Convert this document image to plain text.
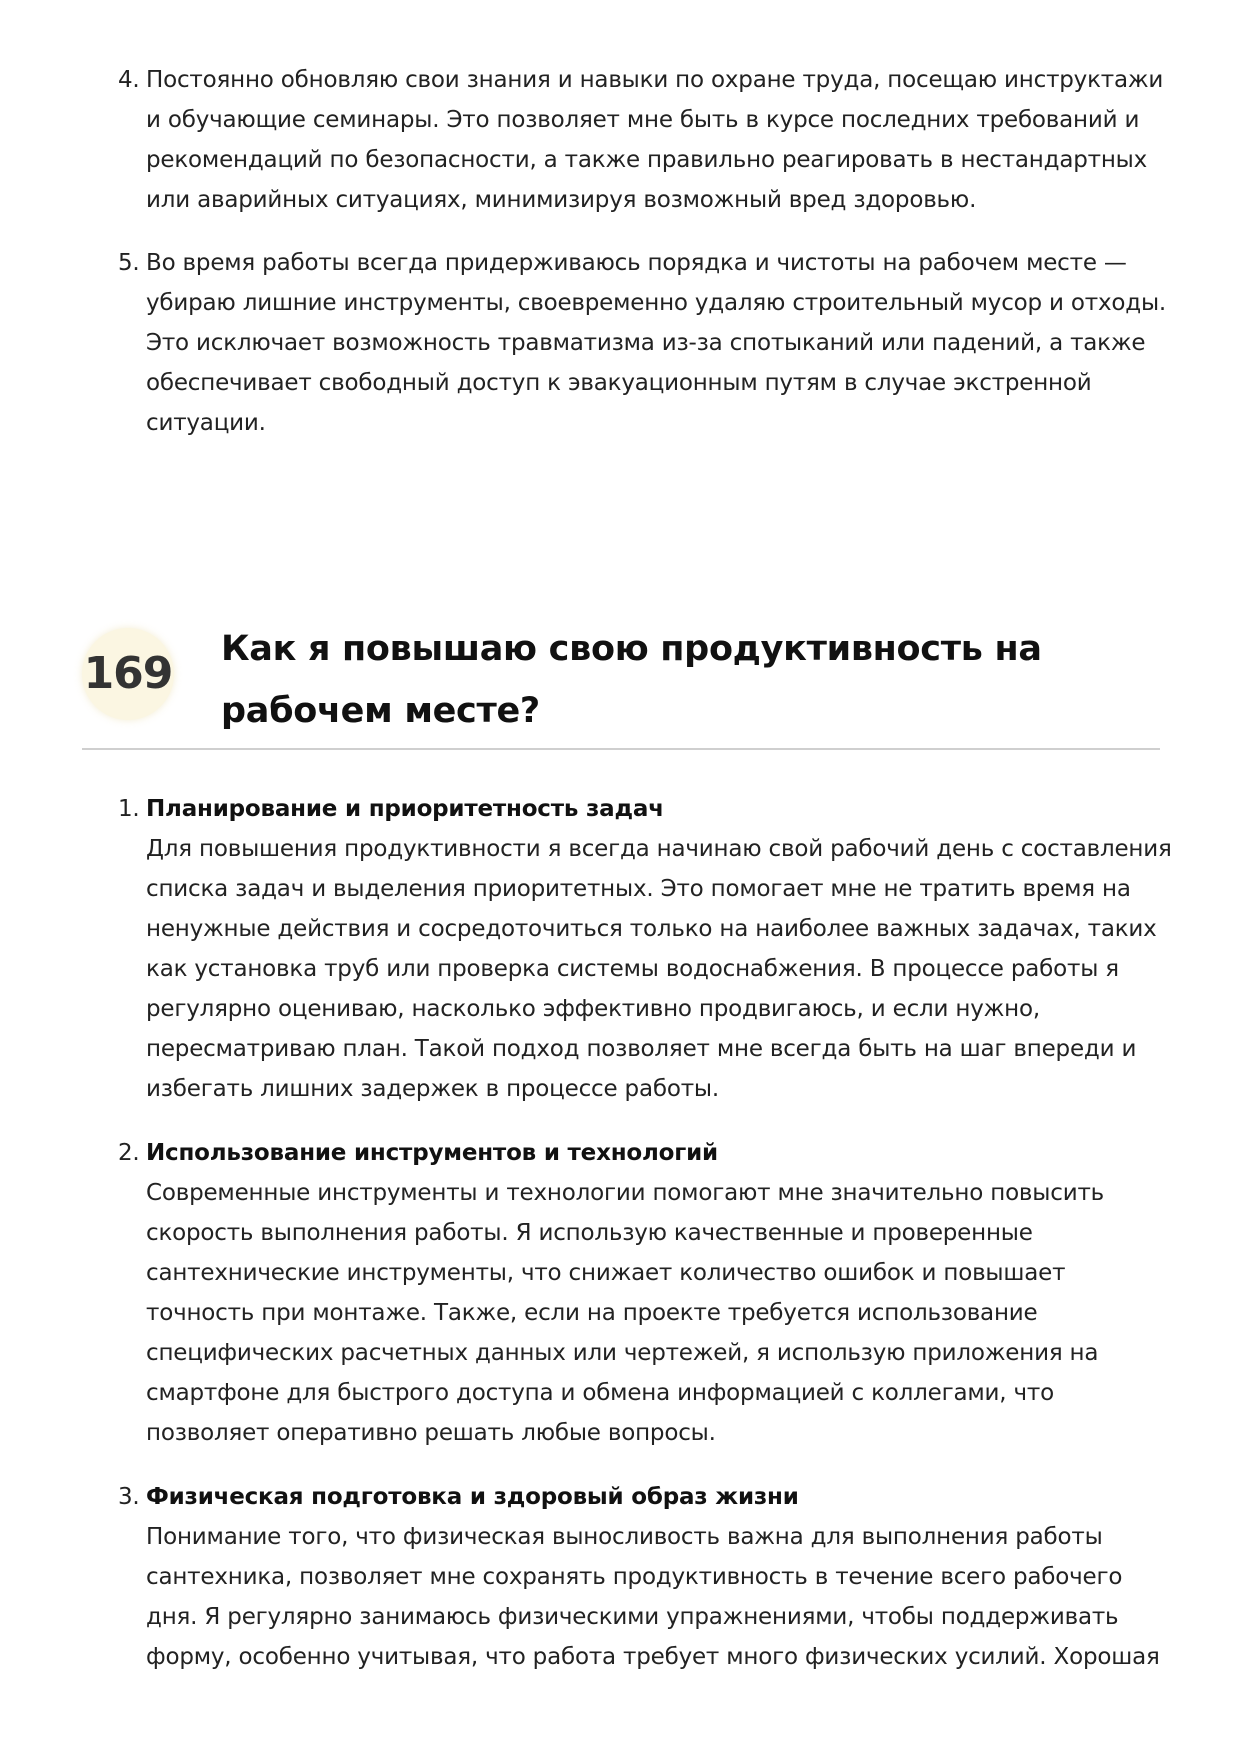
4. Постоянно обновляю свои знания и навыки по охране труда, посещаю инструктажи и обучающие семинары. Это позволяет мне быть в курсе последних требований и рекомендаций по безопасности, а также правильно реагировать в нестандартных или аварийных ситуациях, минимизируя возможный вред здоровью.
5. Во время работы всегда придерживаюсь порядка и чистоты на рабочем месте — убираю лишние инструменты, своевременно удаляю строительный мусор и отходы. Это исключает возможность травматизма из-за спотыканий или падений, а также обеспечивает свободный доступ к эвакуационным путям в случае экстренной ситуации.
169 Как я повышаю свою продуктивность на рабочем месте?
1. Планирование и приоритетность задач
Для повышения продуктивности я всегда начинаю свой рабочий день с составления списка задач и выделения приоритетных. Это помогает мне не тратить время на ненужные действия и сосредоточиться только на наиболее важных задачах, таких как установка труб или проверка системы водоснабжения. В процессе работы я регулярно оцениваю, насколько эффективно продвигаюсь, и если нужно, пересматриваю план. Такой подход позволяет мне всегда быть на шаг впереди и избегать лишних задержек в процессе работы.
2. Использование инструментов и технологий
Современные инструменты и технологии помогают мне значительно повысить скорость выполнения работы. Я использую качественные и проверенные сантехнические инструменты, что снижает количество ошибок и повышает точность при монтаже. Также, если на проекте требуется использование специфических расчетных данных или чертежей, я использую приложения на смартфоне для быстрого доступа и обмена информацией с коллегами, что позволяет оперативно решать любые вопросы.
3. Физическая подготовка и здоровый образ жизни
Понимание того, что физическая выносливость важна для выполнения работы сантехника, позволяет мне сохранять продуктивность в течение всего рабочего дня. Я регулярно занимаюсь физическими упражнениями, чтобы поддерживать форму, особенно учитывая, что работа требует много физических усилий. Хорошая
